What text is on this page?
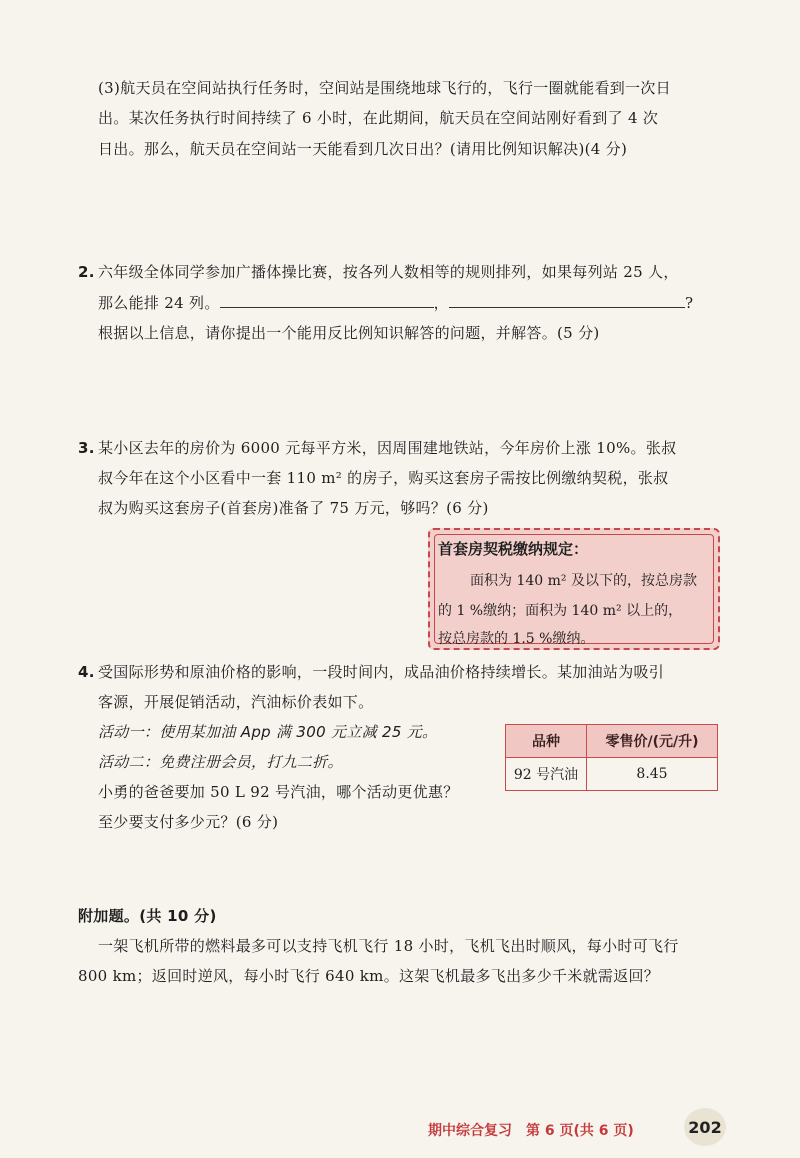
(3)航天员在空间站执行任务时，空间站是围绕地球飞行的，飞行一圈就能看到一次日
出。某次任务执行时间持续了 6 小时，在此期间，航天员在空间站刚好看到了 4 次
日出。那么，航天员在空间站一天能看到几次日出？(请用比例知识解决)(4 分)
2. 六年级全体同学参加广播体操比赛，按各列人数相等的规则排列，如果每列站 25 人，
那么能排 24 列。	，	?
根据以上信息，请你提出一个能用反比例知识解答的问题，并解答。(5 分)
3. 某小区去年的房价为 6000 元每平方米，因周围建地铁站，今年房价上涨 10%。张叔
叔今年在这个小区看中一套 110 m² 的房子，购买这套房子需按比例缴纳契税，张叔
叔为购买这套房子(首套房)准备了 75 万元，够吗？(6 分)
首套房契税缴纳规定：
面积为 140 m² 及以下的，按总房款
的 1 %缴纳；面积为 140 m² 以上的，
按总房款的 1.5 %缴纳。
4. 受国际形势和原油价格的影响，一段时间内，成品油价格持续增长。某加油站为吸引
客源，开展促销活动，汽油标价表如下。
活动一：使用某加油 App 满 300 元立减 25 元。
活动二：免费注册会员，打九二折。
小勇的爸爸要加 50 L 92 号汽油，哪个活动更优惠？
至少要支付多少元？(6 分)
品种	零售价/(元/升)
92 号汽油	8.45
附加题。(共 10 分)
一架飞机所带的燃料最多可以支持飞机飞行 18 小时，飞机飞出时顺风，每小时可飞行
800 km；返回时逆风，每小时飞行 640 km。这架飞机最多飞出多少千米就需返回？
期中综合复习　第 6 页(共 6 页)	202
